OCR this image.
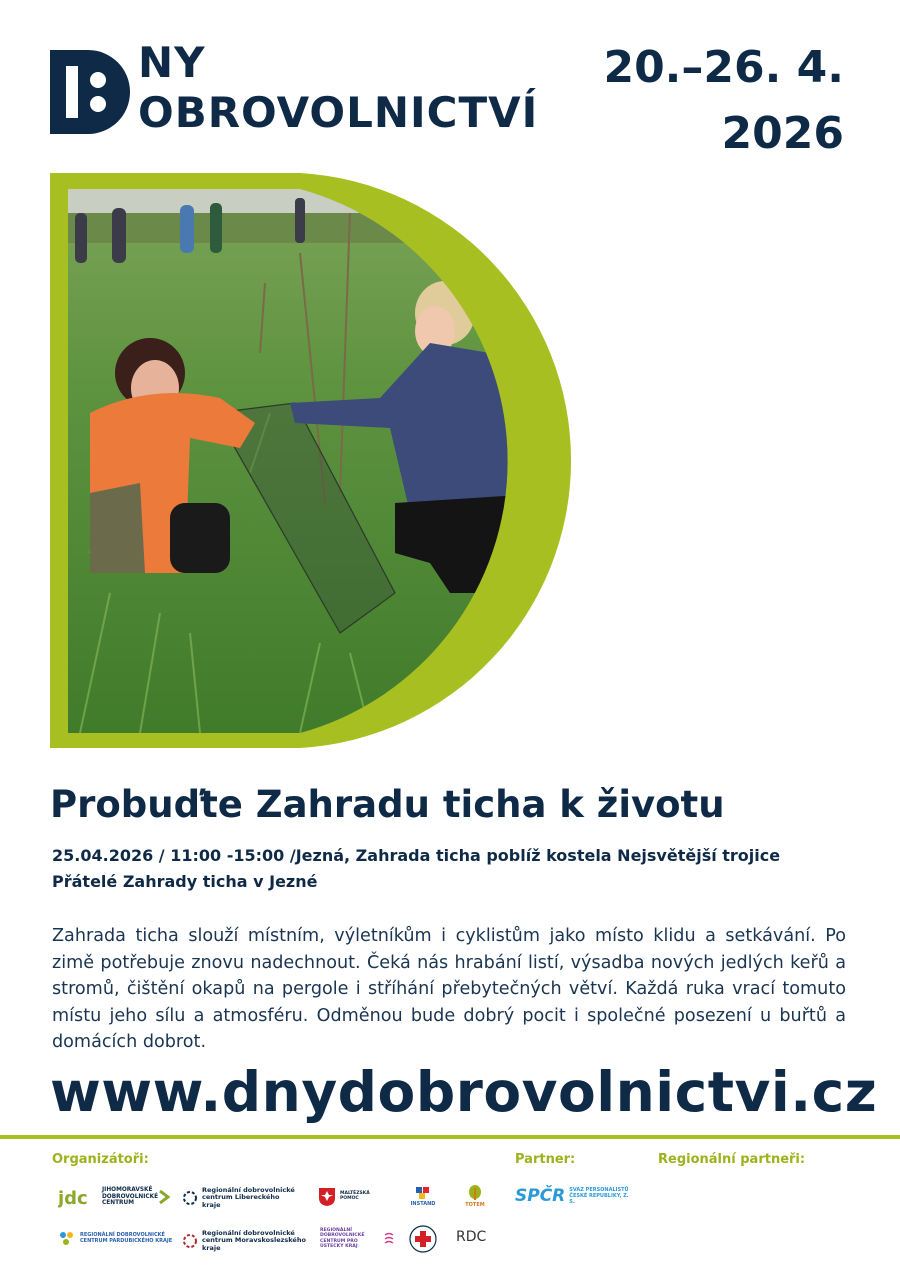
NY
OBROVOLNICTVÍ
20.–26. 4.
2026
Probuďte Zahradu ticha k životu
25.04.2026 / 11:00 -15:00 /Jezná, Zahrada ticha poblíž kostela Nejsvětější trojice
Přátelé Zahrady ticha v Jezné

Zahrada ticha slouží místním, výletníkům i cyklistům jako místo klidu a setkávání. Po zimě potřebuje znovu nadechnout. Čeká nás hrabání listí, výsadba nových jedlých keřů a stromů, čištění okapů na pergole i stříhání přebytečných větví. Každá ruka vrací tomuto místu jeho sílu a atmosféru. Odměnou bude dobrý pocit i společné posezení u buřtů a domácích dobrot.

www.dnydobrovolnictvi.cz
Organizátoři:	Partner:	Regionální partneři:
jdc JIHOMORAVSKÉ DOBROVOLNICKÉ CENTRUM
Regionální dobrovolnické centrum Libereckého kraje
MALTÉZSKÁ POMOC
INSTAND	TOTEM SPČR SVAZ PERSONALISTŮ ČESKÉ REPUBLIKY, Z. S.
REGIONÁLNÍ DOBROVOLNICKÉ CENTRUM PARDUBICKÉHO KRAJE
Regionální dobrovolnické centrum Moravskoslezského kraje
REGIONÁLNÍ DOBROVOLNICKÉ CENTRUM PRO ÚSTECKÝ KRAJ
RDC
